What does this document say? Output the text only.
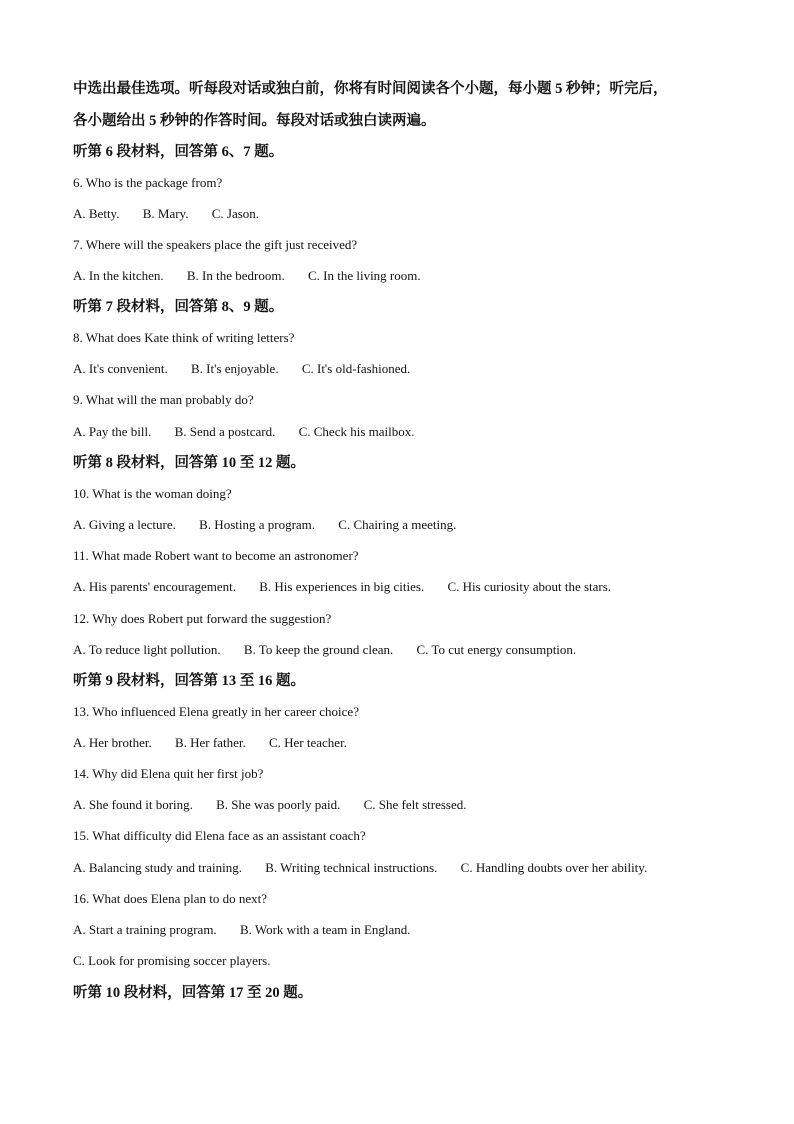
中选出最佳选项。听每段对话或独白前，你将有时间阅读各个小题，每小题 5 秒钟；听完后，
各小题给出 5 秒钟的作答时间。每段对话或独白读两遍。
听第 6 段材料，回答第 6、7 题。
6. Who is the package from?
A. Betty. B. Mary. C. Jason.
7. Where will the speakers place the gift just received?
A. In the kitchen. B. In the bedroom. C. In the living room.
听第 7 段材料，回答第 8、9 题。
8. What does Kate think of writing letters?
A. It's convenient. B. It's enjoyable. C. It's old-fashioned.
9. What will the man probably do?
A. Pay the bill. B. Send a postcard. C. Check his mailbox.
听第 8 段材料，回答第 10 至 12 题。
10. What is the woman doing?
A. Giving a lecture. B. Hosting a program. C. Chairing a meeting.
11. What made Robert want to become an astronomer?
A. His parents' encouragement. B. His experiences in big cities. C. His curiosity about the stars.
12. Why does Robert put forward the suggestion?
A. To reduce light pollution. B. To keep the ground clean. C. To cut energy consumption.
听第 9 段材料，回答第 13 至 16 题。
13. Who influenced Elena greatly in her career choice?
A. Her brother. B. Her father. C. Her teacher.
14. Why did Elena quit her first job?
A. She found it boring. B. She was poorly paid. C. She felt stressed.
15. What difficulty did Elena face as an assistant coach?
A. Balancing study and training. B. Writing technical instructions. C. Handling doubts over her ability.
16. What does Elena plan to do next?
A. Start a training program. B. Work with a team in England.
C. Look for promising soccer players.
听第 10 段材料，回答第 17 至 20 题。
